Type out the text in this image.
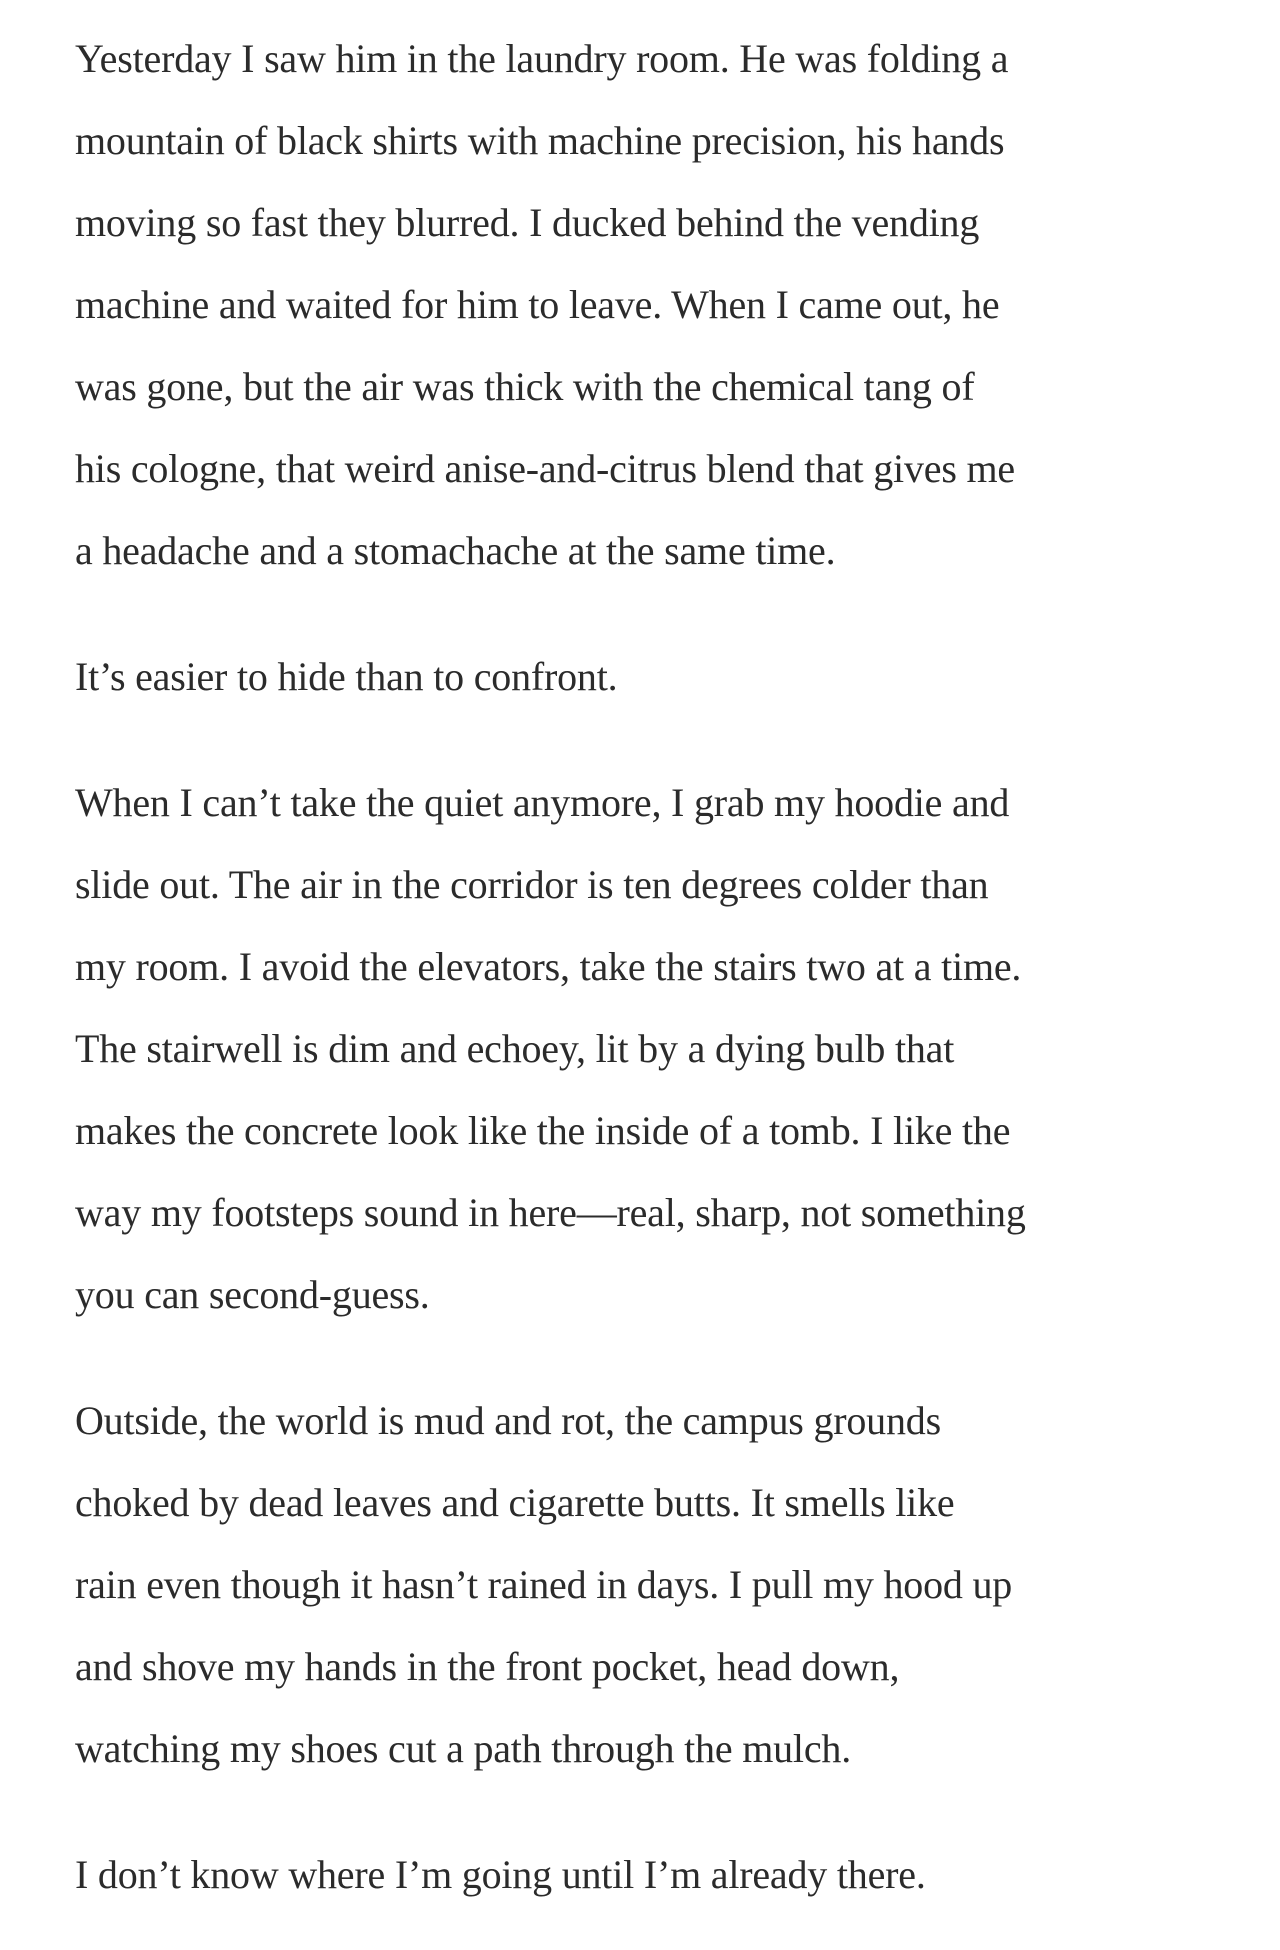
Yesterday I saw him in the laundry room. He was folding a
mountain of black shirts with machine precision, his hands
moving so fast they blurred. I ducked behind the vending
machine and waited for him to leave. When I came out, he
was gone, but the air was thick with the chemical tang of
his cologne, that weird anise-and-citrus blend that gives me
a headache and a stomachache at the same time.

It’s easier to hide than to confront.

When I can’t take the quiet anymore, I grab my hoodie and
slide out. The air in the corridor is ten degrees colder than
my room. I avoid the elevators, take the stairs two at a time.
The stairwell is dim and echoey, lit by a dying bulb that
makes the concrete look like the inside of a tomb. I like the
way my footsteps sound in here—real, sharp, not something
you can second-guess.

Outside, the world is mud and rot, the campus grounds
choked by dead leaves and cigarette butts. It smells like
rain even though it hasn’t rained in days. I pull my hood up
and shove my hands in the front pocket, head down,
watching my shoes cut a path through the mulch.

I don’t know where I’m going until I’m already there.
